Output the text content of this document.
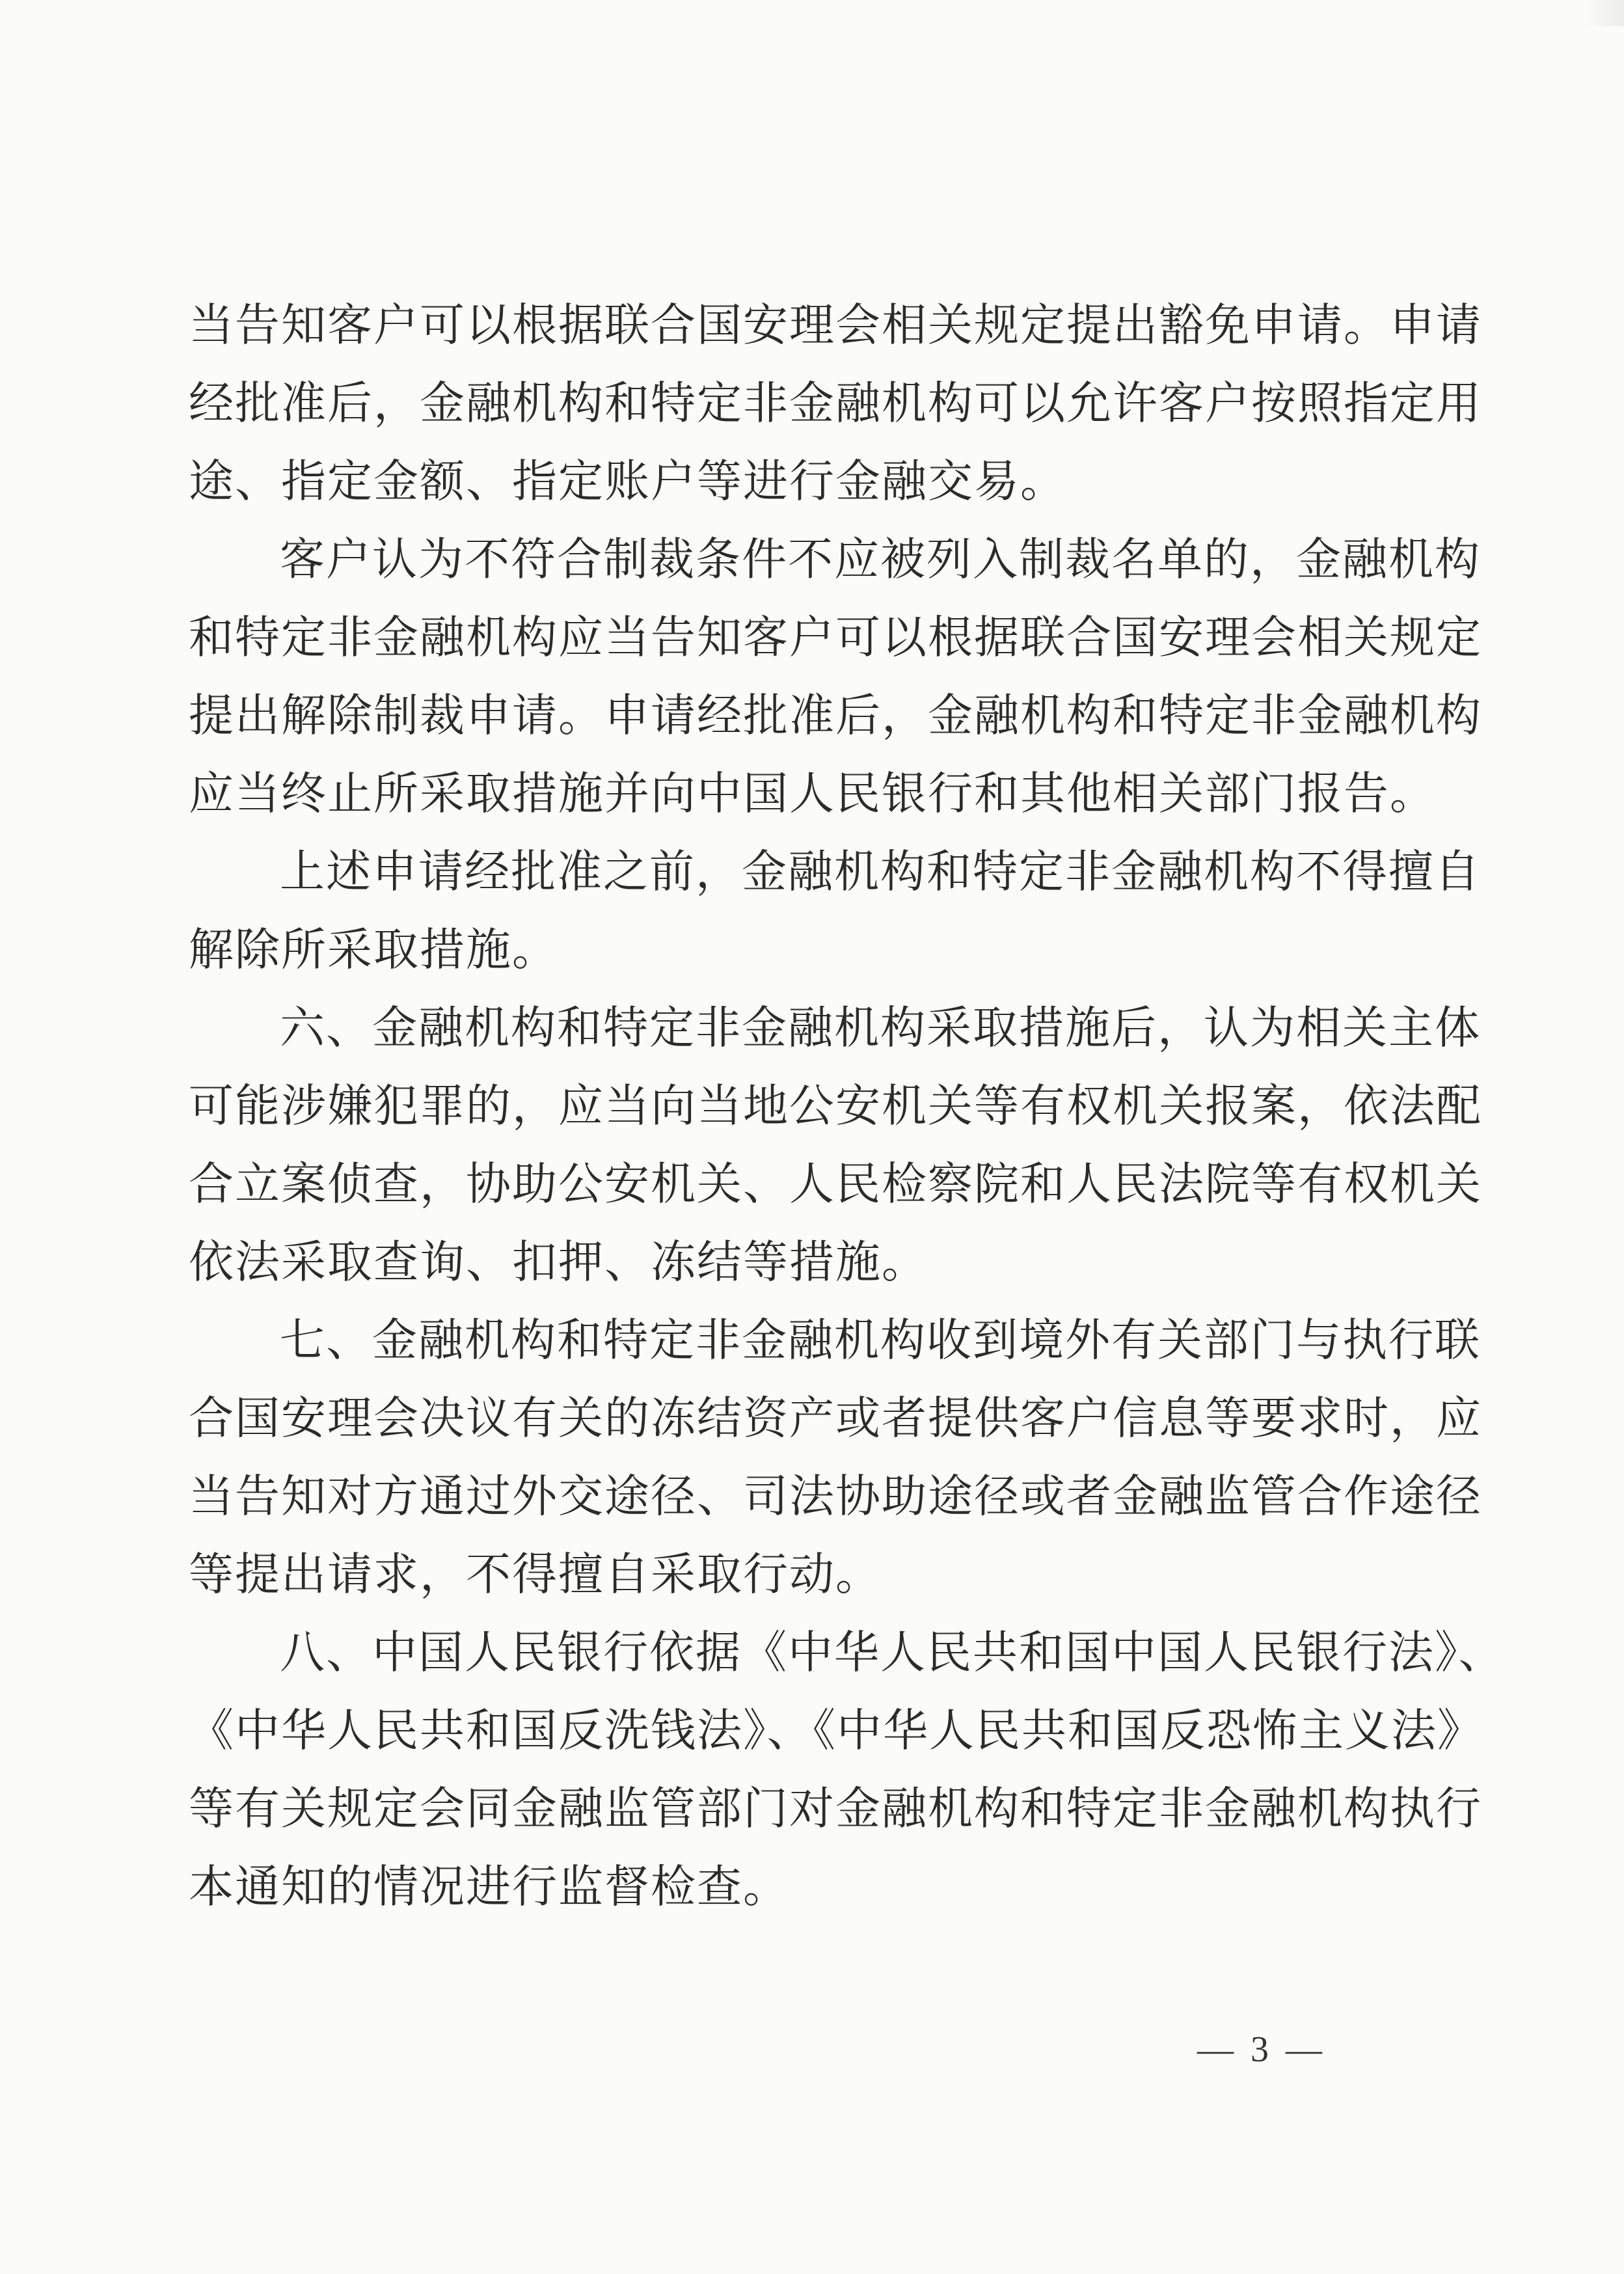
当告知客户可以根据联合国安理会相关规定提出豁免申请。申请
经批准后，金融机构和特定非金融机构可以允许客户按照指定用
途、指定金额、指定账户等进行金融交易。
客户认为不符合制裁条件不应被列入制裁名单的，金融机构
和特定非金融机构应当告知客户可以根据联合国安理会相关规定
提出解除制裁申请。申请经批准后，金融机构和特定非金融机构
应当终止所采取措施并向中国人民银行和其他相关部门报告。
上述申请经批准之前，金融机构和特定非金融机构不得擅自
解除所采取措施。
六、金融机构和特定非金融机构采取措施后，认为相关主体
可能涉嫌犯罪的，应当向当地公安机关等有权机关报案，依法配
合立案侦查，协助公安机关、人民检察院和人民法院等有权机关
依法采取查询、扣押、冻结等措施。
七、金融机构和特定非金融机构收到境外有关部门与执行联
合国安理会决议有关的冻结资产或者提供客户信息等要求时，应
当告知对方通过外交途径、司法协助途径或者金融监管合作途径
等提出请求，不得擅自采取行动。
八、中国人民银行依据《中华人民共和国中国人民银行法》、
《中华人民共和国反洗钱法》、《中华人民共和国反恐怖主义法》
等有关规定会同金融监管部门对金融机构和特定非金融机构执行
本通知的情况进行监督检查。
— 3 —
